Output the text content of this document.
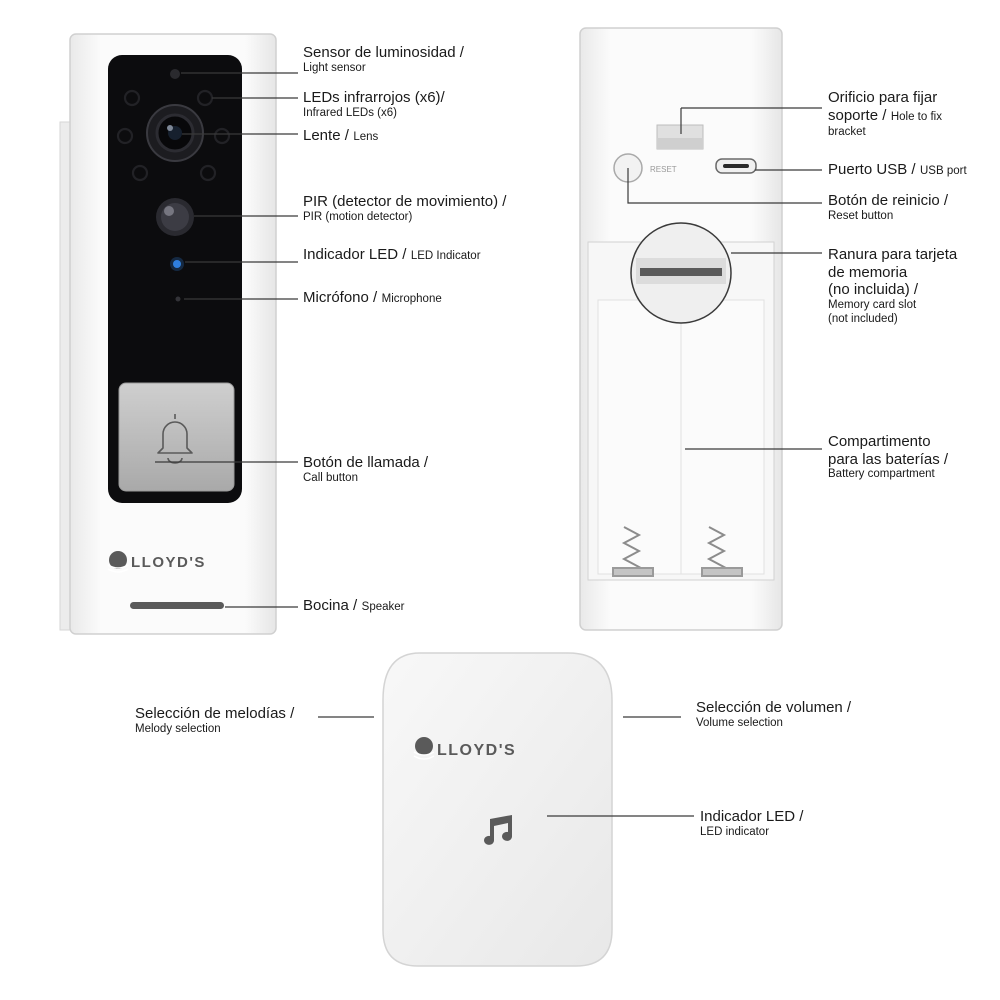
LLOYD'S
RESET
LLOYD'S
Sensor de luminosidad /
Light sensor
LEDs infrarrojos (x6)/
Infrared LEDs (x6)
Lente / Lens
PIR (detector de movimiento) /
PIR (motion detector)
Indicador LED / LED Indicator
Micrófono / Microphone
Botón de llamada /
Call button
Bocina / Speaker
Orificio para fijar
soporte / Hole to fix
bracket
Puerto USB / USB port
Botón de reinicio /
Reset button
Ranura para tarjeta
de memoria
(no incluida) /
Memory card slot
(not included)
Compartimento
para las baterías /
Battery compartment
Selección de melodías /
Melody selection
Selección de volumen /
Volume selection
Indicador LED /
LED indicator
